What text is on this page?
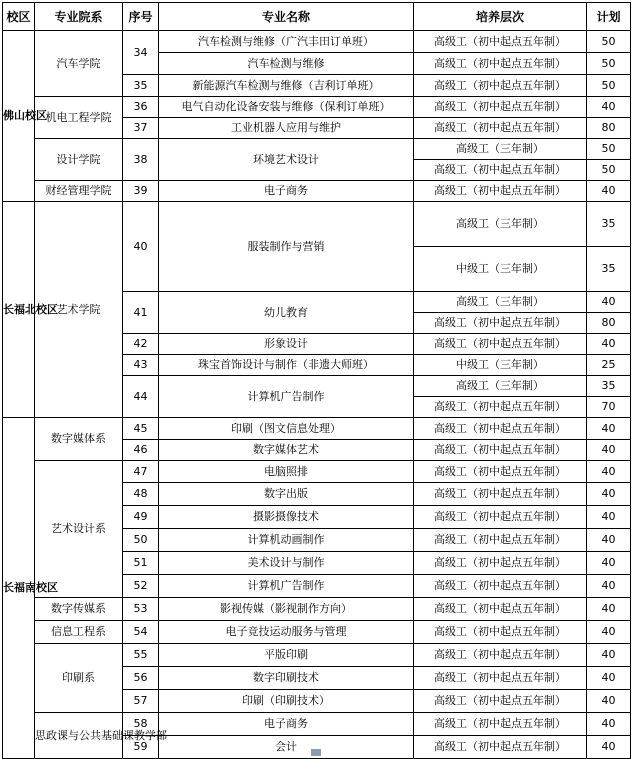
校区	专业院系	序号	专业名称	培养层次	计划
佛山校区	汽车学院	34	汽车检测与维修（广汽丰田订单班）	高级工（初中起点五年制）	50
			汽车检测与维修	高级工（初中起点五年制）	50
		35	新能源汽车检测与维修（吉利订单班）	高级工（初中起点五年制）	50
	机电工程学院	36	电气自动化设备安装与维修（保利订单班）	高级工（初中起点五年制）	40
		37	工业机器人应用与维护	高级工（初中起点五年制）	80
	设计学院	38	环境艺术设计	高级工（三年制）	50
				高级工（初中起点五年制）	50
	财经管理学院	39	电子商务	高级工（初中起点五年制）	40
长福北校区	艺术学院	40	服装制作与营销	高级工（三年制）	35
				中级工（三年制）	35
		41	幼儿教育	高级工（三年制）	40
				高级工（初中起点五年制）	80
		42	形象设计	高级工（初中起点五年制）	40
		43	珠宝首饰设计与制作（非遗大师班）	中级工（三年制）	25
		44	计算机广告制作	高级工（三年制）	35
				高级工（初中起点五年制）	70
长福南校区	数字媒体系	45	印刷（图文信息处理）	高级工（初中起点五年制）	40
		46	数字媒体艺术	高级工（初中起点五年制）	40
	艺术设计系	47	电脑照排	高级工（初中起点五年制）	40
		48	数字出版	高级工（初中起点五年制）	40
		49	摄影摄像技术	高级工（初中起点五年制）	40
		50	计算机动画制作	高级工（初中起点五年制）	40
		51	美术设计与制作	高级工（初中起点五年制）	40
		52	计算机广告制作	高级工（初中起点五年制）	40
	数字传媒系	53	影视传媒（影视制作方向）	高级工（初中起点五年制）	40
	信息工程系	54	电子竞技运动服务与管理	高级工（初中起点五年制）	40
	印刷系	55	平版印刷	高级工（初中起点五年制）	40
		56	数字印刷技术	高级工（初中起点五年制）	40
		57	印刷（印刷技术）	高级工（初中起点五年制）	40
	思政课与公共基础课教学部	58	电子商务	高级工（初中起点五年制）	40
		59	会计	高级工（初中起点五年制）	40
